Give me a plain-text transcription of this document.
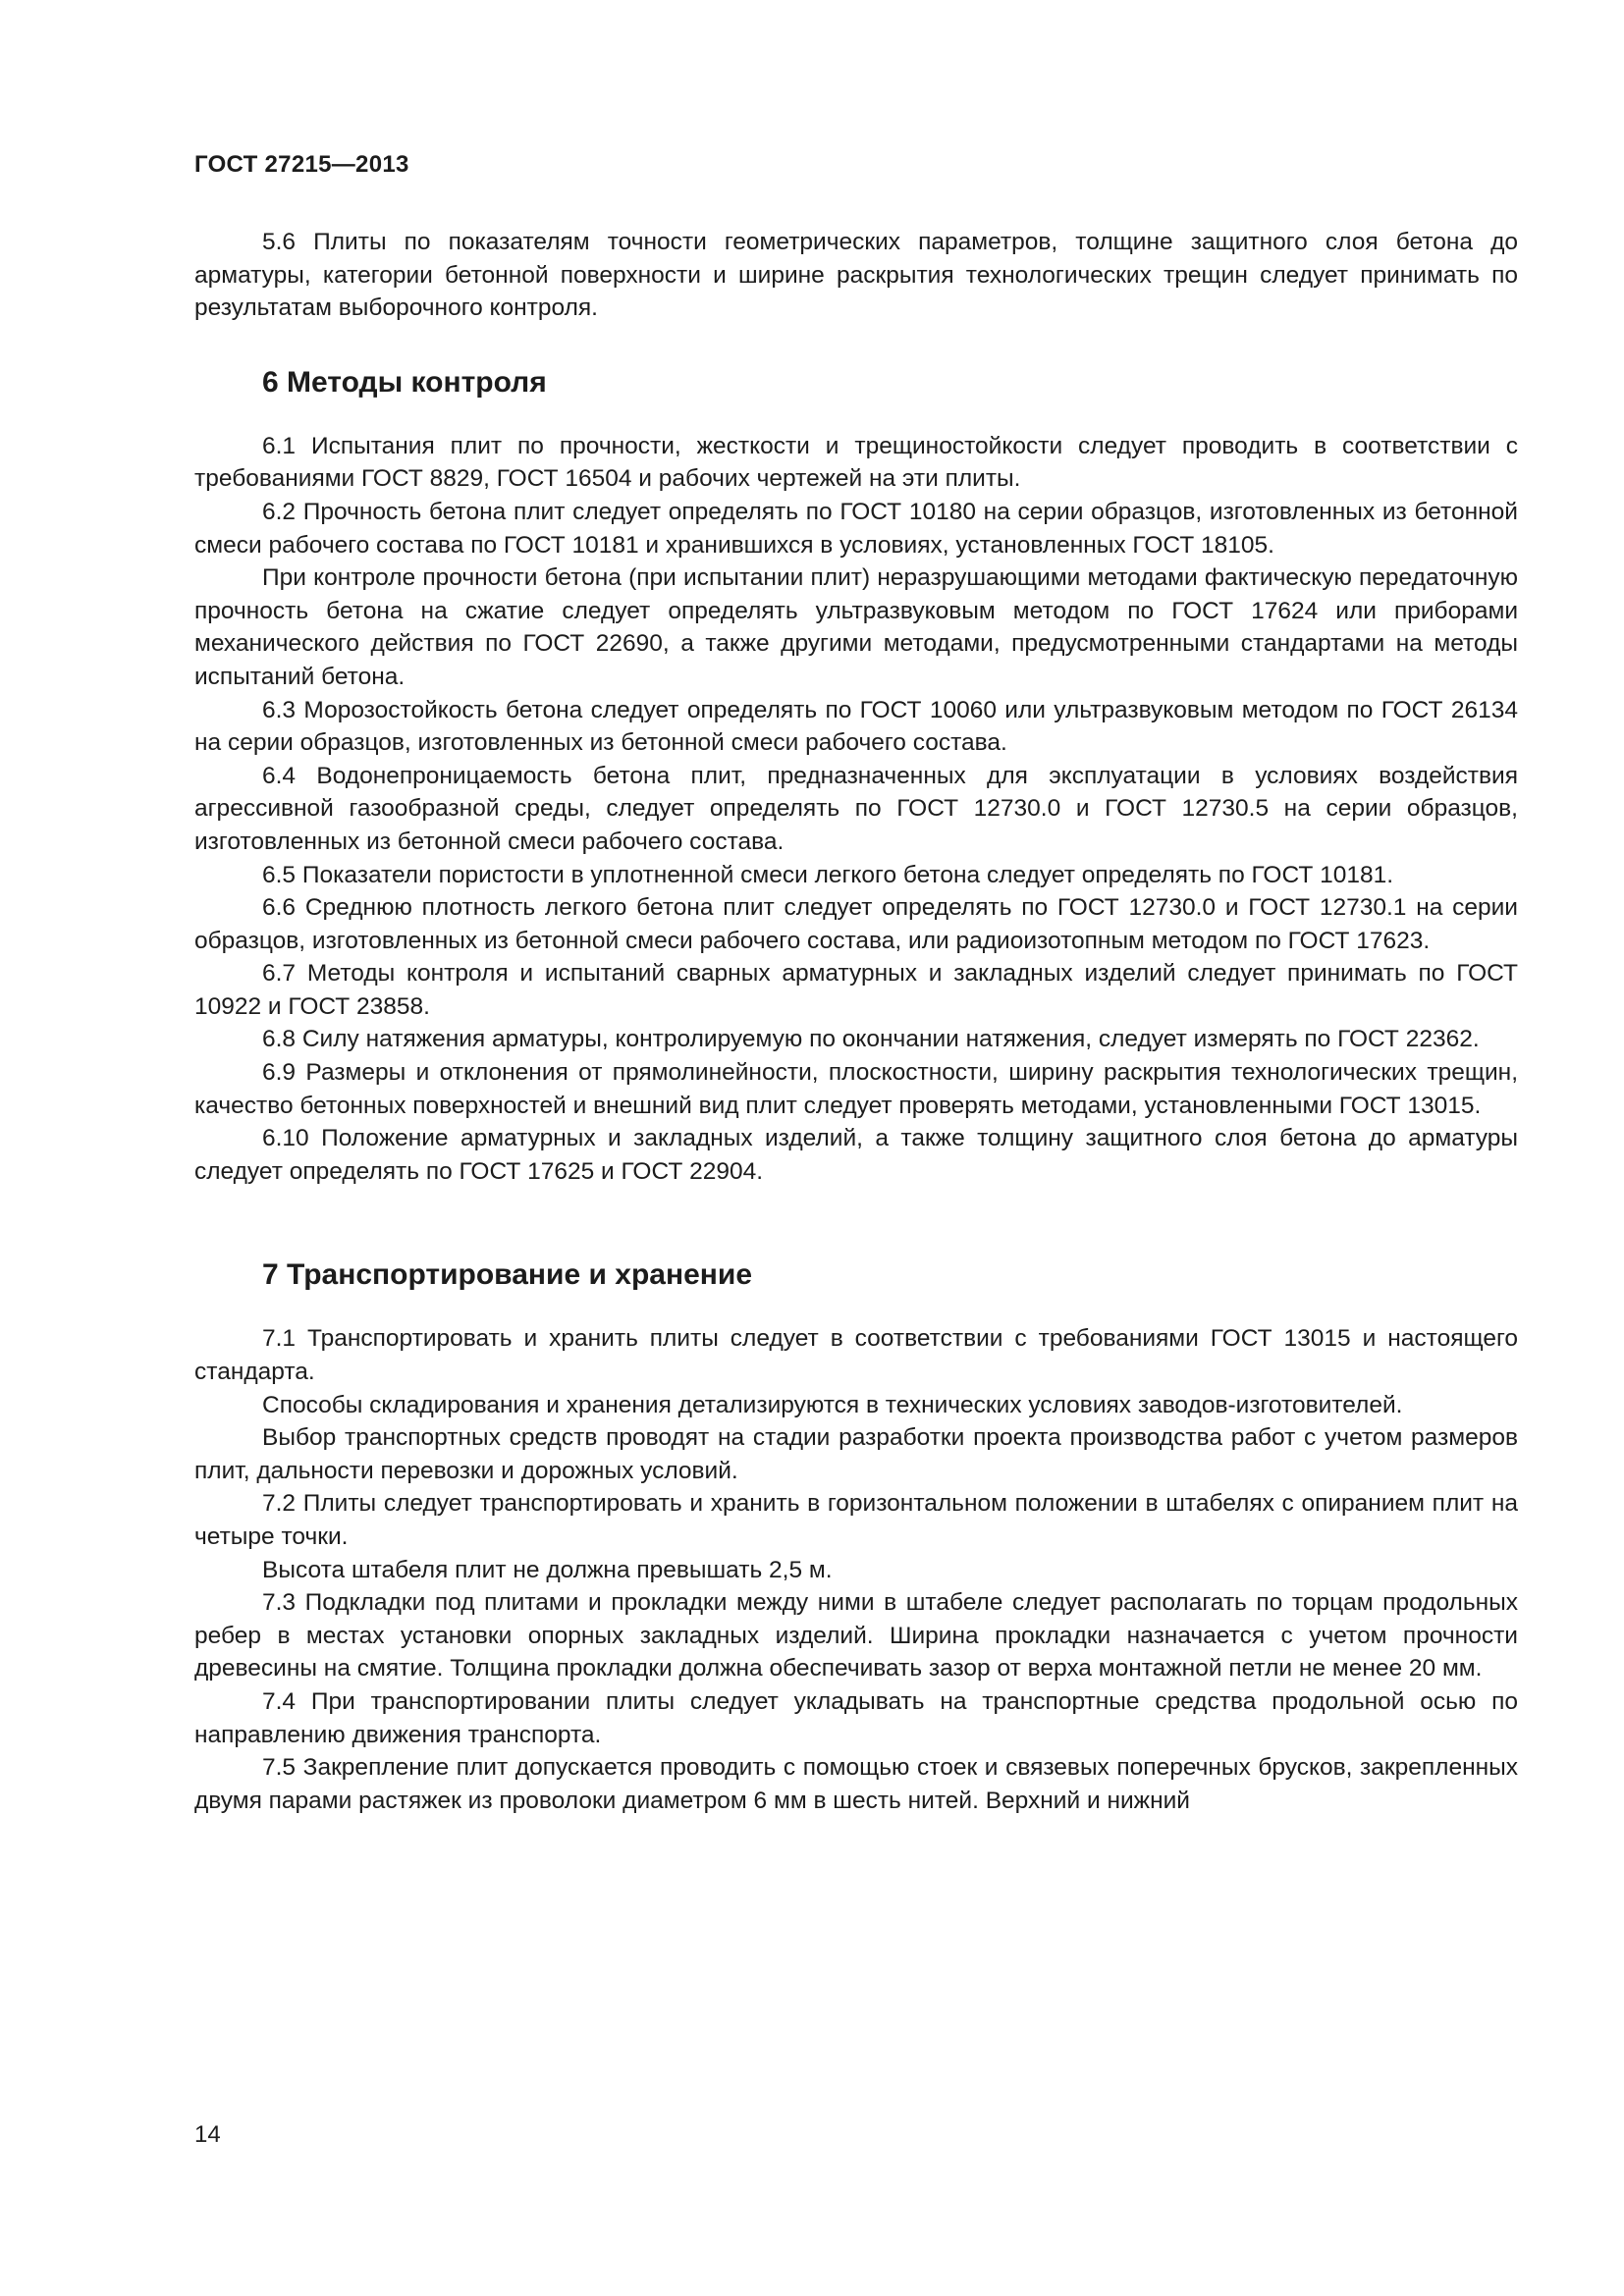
ГОСТ 27215—2013

5.6 Плиты по показателям точности геометрических параметров, толщине защитного слоя бетона до арматуры, категории бетонной поверхности и ширине раскрытия технологических трещин следует принимать по результатам выборочного контроля.

6 Методы контроля

6.1 Испытания плит по прочности, жесткости и трещиностойкости следует проводить в соответствии с требованиями ГОСТ 8829, ГОСТ 16504 и рабочих чертежей на эти плиты.

6.2 Прочность бетона плит следует определять по ГОСТ 10180 на серии образцов, изготовленных из бетонной смеси рабочего состава по ГОСТ 10181 и хранившихся в условиях, установленных ГОСТ 18105.

При контроле прочности бетона (при испытании плит) неразрушающими методами фактическую передаточную прочность бетона на сжатие следует определять ультразвуковым методом по ГОСТ 17624 или приборами механического действия по ГОСТ 22690, а также другими методами, предусмотренными стандартами на методы испытаний бетона.

6.3 Морозостойкость бетона следует определять по ГОСТ 10060 или ультразвуковым методом по ГОСТ 26134 на серии образцов, изготовленных из бетонной смеси рабочего состава.

6.4 Водонепроницаемость бетона плит, предназначенных для эксплуатации в условиях воздействия агрессивной газообразной среды, следует определять по ГОСТ 12730.0 и ГОСТ 12730.5 на серии образцов, изготовленных из бетонной смеси рабочего состава.

6.5 Показатели пористости в уплотненной смеси легкого бетона следует определять по ГОСТ 10181.

6.6 Среднюю плотность легкого бетона плит следует определять по ГОСТ 12730.0 и ГОСТ 12730.1 на серии образцов, изготовленных из бетонной смеси рабочего состава, или радиоизотопным методом по ГОСТ 17623.

6.7 Методы контроля и испытаний сварных арматурных и закладных изделий следует принимать по ГОСТ 10922 и ГОСТ 23858.

6.8 Силу натяжения арматуры, контролируемую по окончании натяжения, следует измерять по ГОСТ 22362.

6.9 Размеры и отклонения от прямолинейности, плоскостности, ширину раскрытия технологических трещин, качество бетонных поверхностей и внешний вид плит следует проверять методами, установленными ГОСТ 13015.

6.10 Положение арматурных и закладных изделий, а также толщину защитного слоя бетона до арматуры следует определять по ГОСТ 17625 и ГОСТ 22904.

7 Транспортирование и хранение

7.1 Транспортировать и хранить плиты следует в соответствии с требованиями ГОСТ 13015 и настоящего стандарта.

Способы складирования и хранения детализируются в технических условиях заводов-изготовителей.

Выбор транспортных средств проводят на стадии разработки проекта производства работ с учетом размеров плит, дальности перевозки и дорожных условий.

7.2 Плиты следует транспортировать и хранить в горизонтальном положении в штабелях с опиранием плит на четыре точки.

Высота штабеля плит не должна превышать 2,5 м.

7.3 Подкладки под плитами и прокладки между ними в штабеле следует располагать по торцам продольных ребер в местах установки опорных закладных изделий. Ширина прокладки назначается с учетом прочности древесины на смятие. Толщина прокладки должна обеспечивать зазор от верха монтажной петли не менее 20 мм.

7.4 При транспортировании плиты следует укладывать на транспортные средства продольной осью по направлению движения транспорта.

7.5 Закрепление плит допускается проводить с помощью стоек и связевых поперечных брусков, закрепленных двумя парами растяжек из проволоки диаметром 6 мм в шесть нитей. Верхний и нижний

14
